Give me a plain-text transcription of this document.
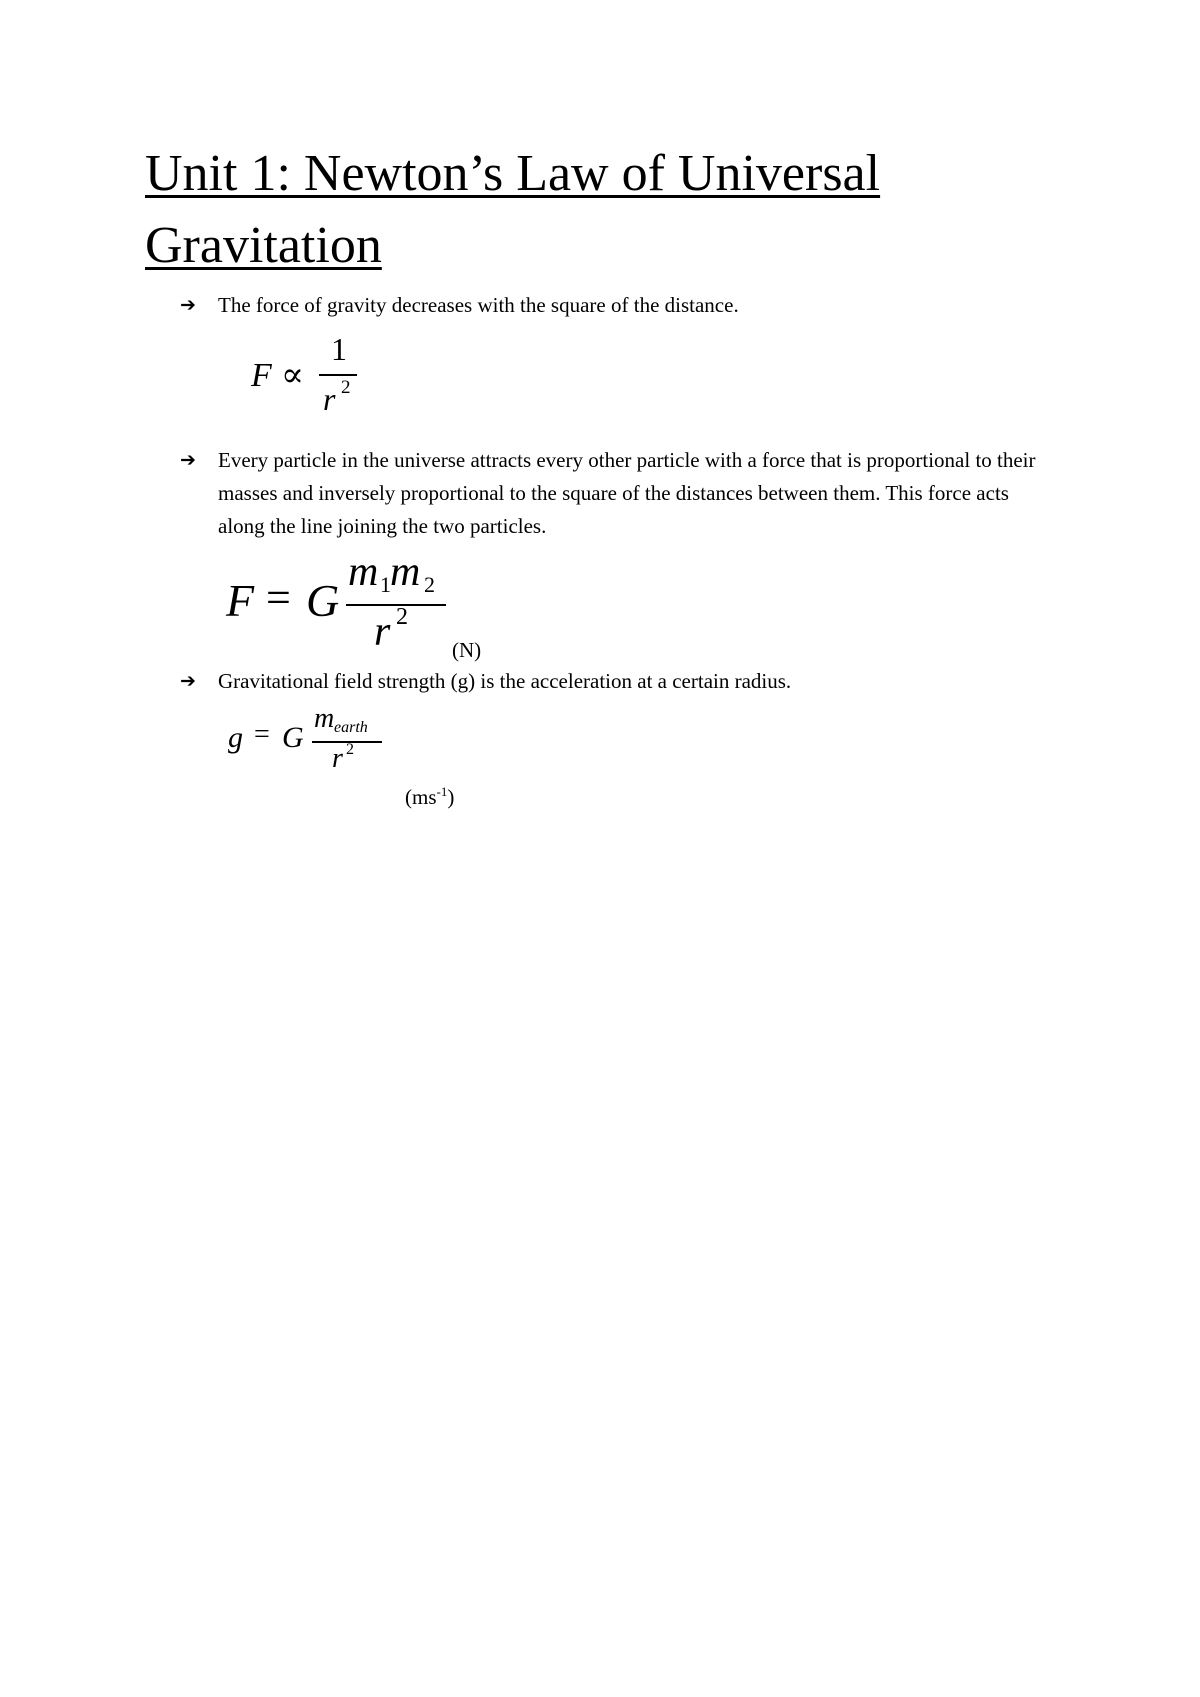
Unit 1: Newton’s Law of Universal Gravitation
➔	The force of gravity decreases with the square of the distance.
F ∝
1
r 2
➔	Every particle in the universe attracts every other particle with a force that is proportional to their masses and inversely proportional to the square of the distances between them. This force acts along the line joining the two particles.
F = G
m 1 m 2
r 2
(N)
➔	Gravitational field strength (g) is the acceleration at a certain radius.
g = G
m earth
r 2
$(ms^{-1})$
